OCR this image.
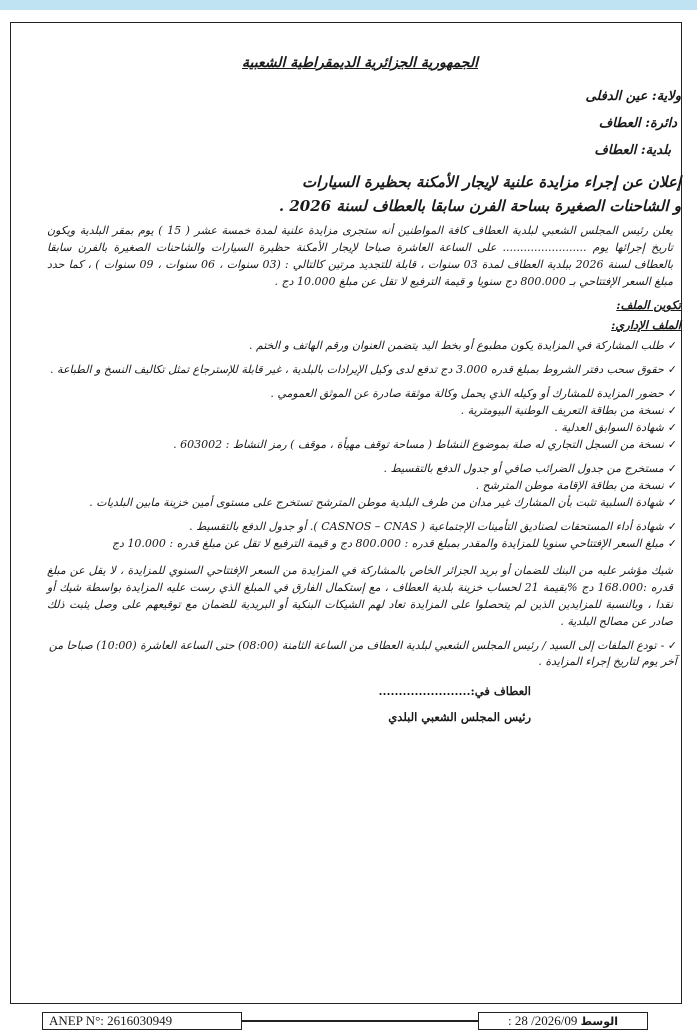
الجمهورية الجزائرية الديمقراطية الشعبية
ولاية: عين الدفلى
دائرة: العطاف
بلدية: العطاف
إعلان عن إجراء مزايدة علنية لإيجار الأمكنة بحظيرة السيارات
و الشاحنات الصغيرة بساحة الفرن سابقا بالعطاف لسنة 2026 .
يعلن رئيس المجلس الشعبي لبلدية العطاف كافة المواطنين أنه ستجرى مزايدة علنية لمدة خمسة عشر ( 15 ) يوم بمقر البلدية ويكون تاريخ إجرائها يوم ........................ على الساعة العاشرة صباحا لإيجار الأمكنة حظيرة السيارات والشاحنات الصغيرة بالفرن سابقا بالعطاف لسنة 2026 ببلدية العطاف لمدة 03 سنوات ، قابلة للتجديد مرتين كالتالي : (03 سنوات ، 06 سنوات ، 09 سنوات ) ، كما حدد مبلغ السعر الإفتتاحي بـ 800.000 دج سنويا و قيمة الترفيع لا تقل عن مبلغ 10.000 دج .
تكوين الملف:
الملف الإداري:
✓طلب المشاركة في المزايدة يكون مطبوع أو بخط اليد يتضمن العنوان ورقم الهاتف و الختم .
✓حقوق سحب دفتر الشروط بمبلغ قدره 3.000 دج تدفع لدى وكيل الإيرادات بالبلدية ، غير قابلة للإسترجاع تمثل تكاليف النسخ و الطباعة .
✓حضور المزايدة للمشارك أو وكيله الذي يحمل وكالة موثقة صادرة عن الموثق العمومي .
✓نسخة من بطاقة التعريف الوطنية البيومترية .
✓شهادة السوابق العدلية .
✓نسخة من السجل التجاري له صلة بموضوع النشاط ( مساحة توقف مهيأة ، موقف ) رمز النشاط : 603002 .
✓مستخرج من جدول الضرائب صافي أو جدول الدفع بالتقسيط .
✓نسخة من بطاقة الإقامة موطن المترشح .
✓شهادة السلبية تثبت بأن المشارك غير مدان من طرف البلدية موطن المترشح تستخرج على مستوى أمين خزينة مابين البلديات .
✓شهادة أداء المستحقات لصناديق التأمينات الإجتماعية ( CASNOS – CNAS ). أو جدول الدفع بالتقسيط .
✓مبلغ السعر الإفتتاحي سنويا للمزايدة والمقدر بمبلغ قدره : 800.000 دج و قيمة الترفيع لا تقل عن مبلغ قدره : 10.000 دج
شيك مؤشر عليه من البنك للضمان أو بريد الجزائر الخاص بالمشاركة في المزايدة من السعر الإفتتاحي السنوي للمزايدة ، لا يقل عن مبلغ قدره :168.000 دج %بقيمة 21 لحساب خزينة بلدية العطاف ، مع إستكمال الفارق في المبلغ الذي رست عليه المزايدة بواسطة شيك أو نقدا ، وبالنسبة للمزايدين الذين لم يتحصلوا على المزايدة تعاد لهم الشيكات البنكية أو البريدية للضمان مع توقيعهم على وصل يثبت ذلك صادر عن مصالح البلدية .
✓ -تودع الملفات إلى السيد / رئيس المجلس الشعبي لبلدية العطاف من الساعة الثامنة (08:00) حتى الساعة العاشرة (10:00) صباحا من آخر يوم لتاريخ إجراء المزايدة .
العطاف في:.......................
رئيس المجلس الشعبي البلدي
ANEP N°: 2616030949	الوسط 2026/09/ 28 :
